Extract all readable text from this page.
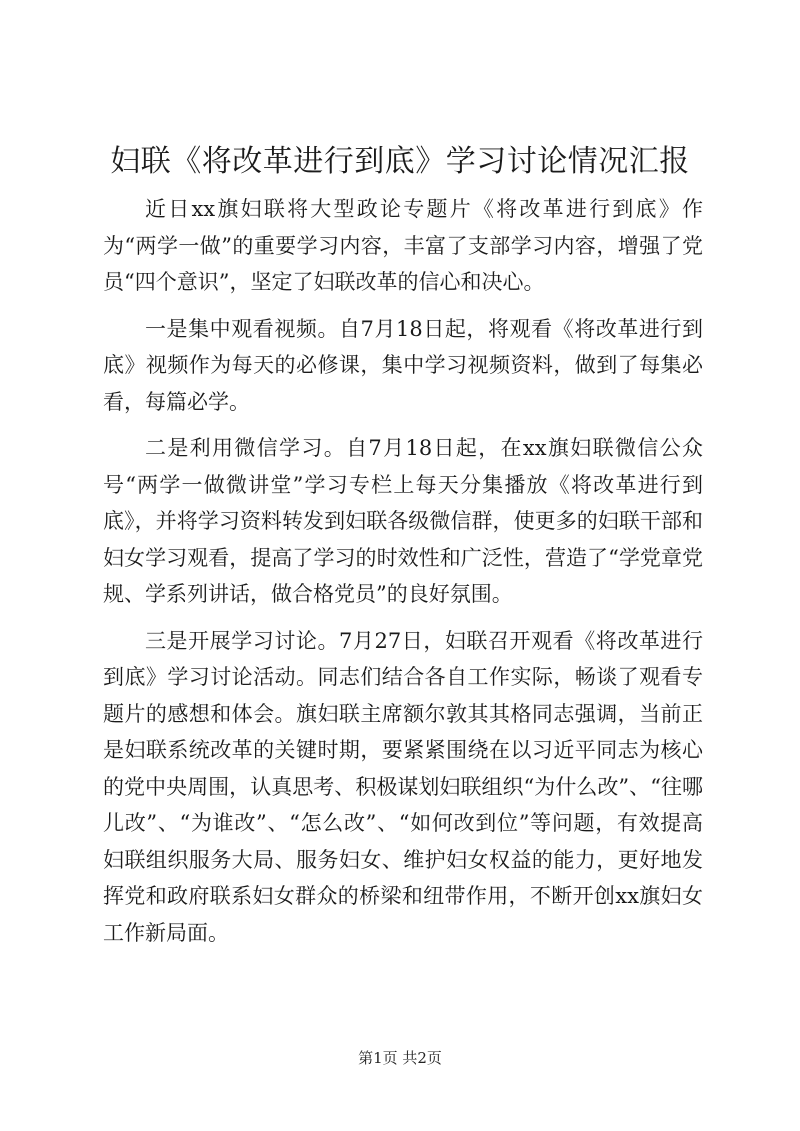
妇联《将改革进行到底》学习讨论情况汇报

近日xx旗妇联将大型政论专题片《将改革进行到底》作为“两学一做”的重要学习内容，丰富了支部学习内容，增强了党员“四个意识”，坚定了妇联改革的信心和决心。

一是集中观看视频。自7月18日起，将观看《将改革进行到底》视频作为每天的必修课，集中学习视频资料，做到了每集必看，每篇必学。

二是利用微信学习。自7月18日起，在xx旗妇联微信公众号“两学一做微讲堂”学习专栏上每天分集播放《将改革进行到底》，并将学习资料转发到妇联各级微信群，使更多的妇联干部和妇女学习观看，提高了学习的时效性和广泛性，营造了“学党章党规、学系列讲话，做合格党员”的良好氛围。

三是开展学习讨论。7月27日，妇联召开观看《将改革进行到底》学习讨论活动。同志们结合各自工作实际，畅谈了观看专题片的感想和体会。旗妇联主席额尔敦其其格同志强调，当前正是妇联系统改革的关键时期，要紧紧围绕在以习近平同志为核心的党中央周围，认真思考、积极谋划妇联组织“为什么改”、“往哪儿改”、“为谁改”、“怎么改”、“如何改到位”等问题，有效提高妇联组织服务大局、服务妇女、维护妇女权益的能力，更好地发挥党和政府联系妇女群众的桥梁和纽带作用，不断开创xx旗妇女工作新局面。

第1页 共2页
